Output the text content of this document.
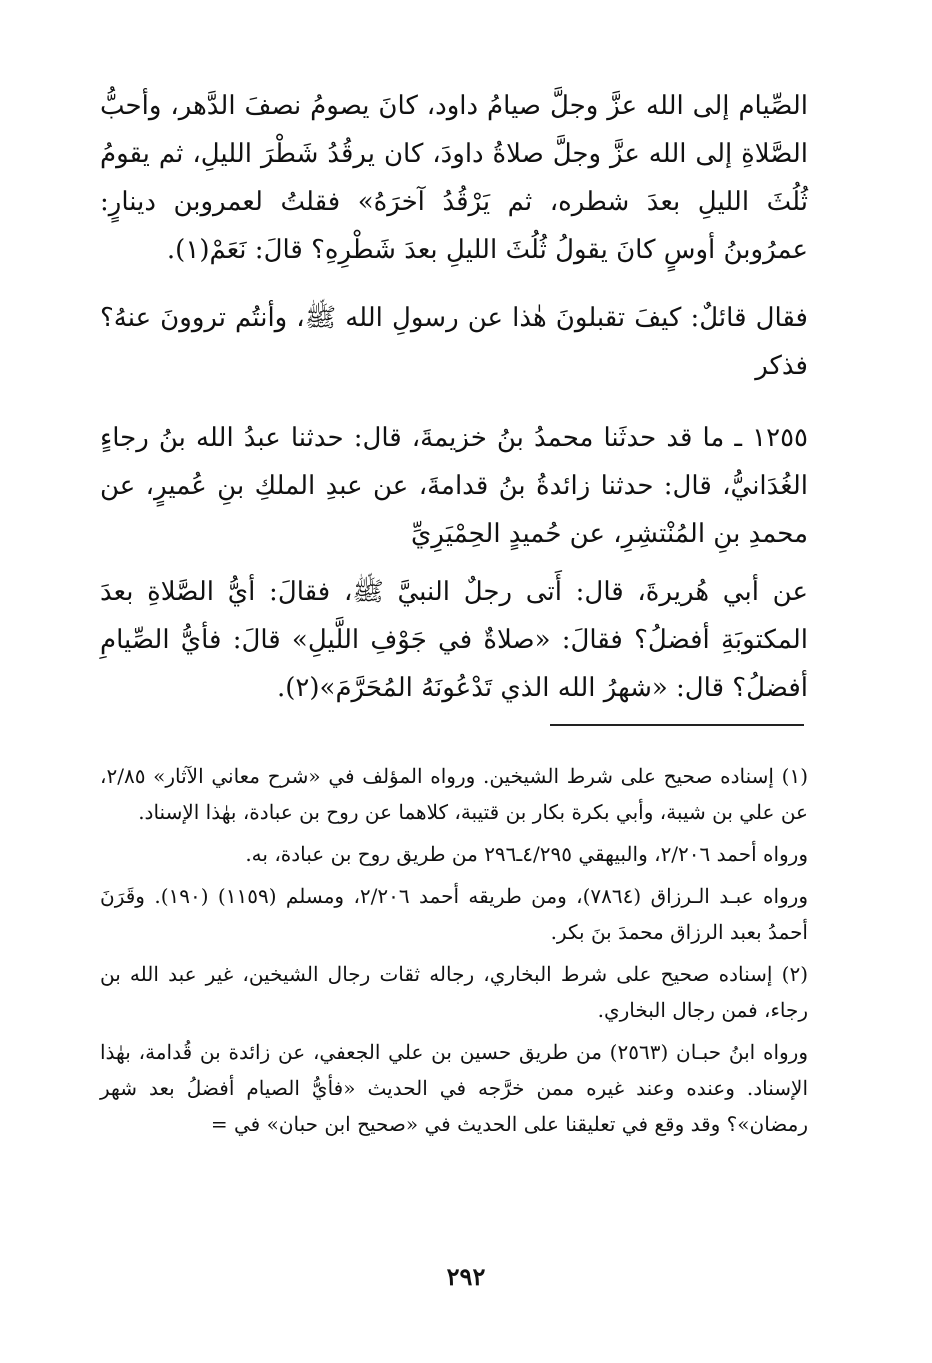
الصِّيام إلى الله عزَّ وجلَّ صيامُ داود، كانَ يصومُ نصفَ الدَّهر، وأحبُّ الصَّلاةِ إلى الله عزَّ وجلَّ صلاةُ داودَ، كان يرقُدُ شَطْرَ الليلِ، ثم يقومُ ثُلُثَ الليلِ بعدَ شطره، ثم يَرْقُدُ آخرَهُ» فقلتُ لعمروبن دينارٍ: عمرُوبنُ أوسٍ كانَ يقولُ ثُلُثَ الليلِ بعدَ شَطْرِهِ؟ قالَ: نَعَمْ(١).

فقال قائلٌ: كيفَ تقبلونَ هٰذا عن رسولِ الله ﷺ، وأنتُم تروونَ عنهُ؟ فذكر

١٢٥٥ ـ ما قد حدثَنا محمدُ بنُ خزيمةَ، قال: حدثنا عبدُ الله بنُ رجاءٍ الغُدَانيُّ، قال: حدثنا زائدةُ بنُ قدامةَ، عن عبدِ الملكِ بنِ عُميرٍ، عن محمدِ بنِ المُنْتشِرِ، عن حُميدٍ الحِمْيَرِيِّ

عن أبي هُريرةَ، قال: أَتى رجلٌ النبيَّ ﷺ، فقالَ: أيُّ الصَّلاةِ بعدَ المكتوبَةِ أفضلُ؟ فقالَ: «صلاةٌ في جَوْفِ اللَّيلِ» قالَ: فأيُّ الصِّيامِ أفضلُ؟ قال: «شهرُ الله الذي تَدْعُونَهُ المُحَرَّمَ»(٢).

(١) إسناده صحيح على شرط الشيخين. ورواه المؤلف في «شرح معاني الآثار» ٢/٨٥، عن علي بن شيبة، وأبي بكرة بكار بن قتيبة، كلاهما عن روح بن عبادة، بهٰذا الإسناد.

ورواه أحمد ٢/٢٠٦، والبيهقي ٤/٢٩٥ـ٢٩٦ من طريق روح بن عبادة، به.

ورواه عبـد الـرزاق (٧٨٦٤)، ومن طريقه أحمد ٢/٢٠٦، ومسلم (١١٥٩) (١٩٠). وقَرَنَ أحمدُ بعبد الرزاق محمدَ بنَ بكر.

(٢) إسناده صحيح على شرط البخاري، رجاله ثقات رجال الشيخين، غير عبد الله بن رجاء، فمن رجال البخاري.

ورواه ابنُ حبـان (٢٥٦٣) من طريق حسين بن علي الجعفي، عن زائدة بن قُدامة، بهٰذا الإسناد. وعنده وعند غيره ممن خرَّجه في الحديث «فأيُّ الصيام أفضلُ بعد شهر رمضان»؟ وقد وقع في تعليقنا على الحديث في «صحيح ابن حبان» في =

٢٩٢
